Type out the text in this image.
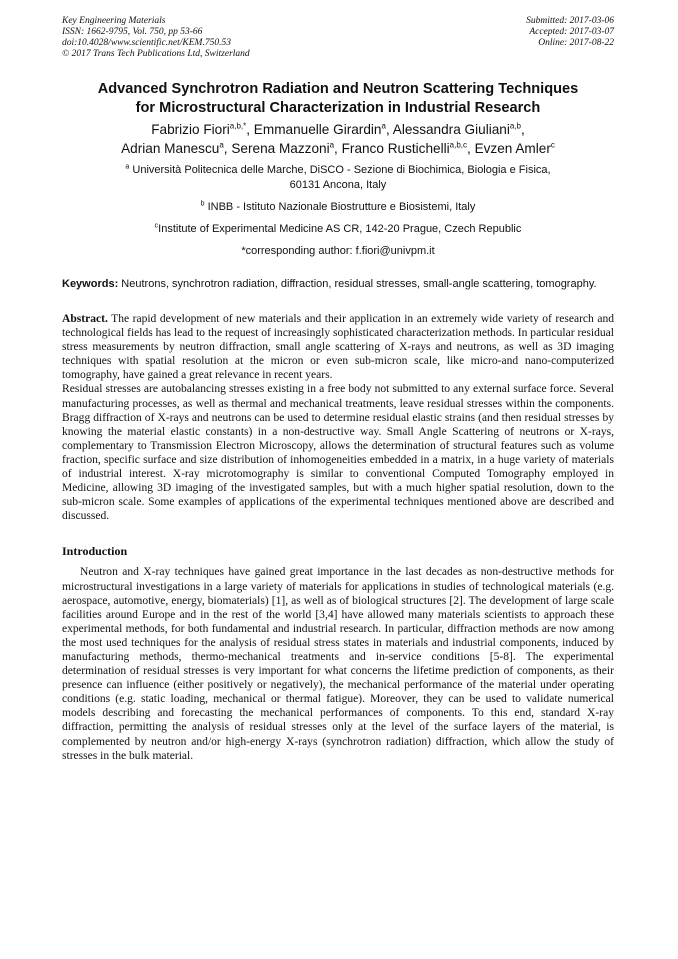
Key Engineering Materials
ISSN: 1662-9795, Vol. 750, pp 53-66
doi:10.4028/www.scientific.net/KEM.750.53
© 2017 Trans Tech Publications Ltd, Switzerland
Submitted: 2017-03-06
Accepted: 2017-03-07
Online: 2017-08-22
Advanced Synchrotron Radiation and Neutron Scattering Techniques
for Microstructural Characterization in Industrial Research
Fabrizio Fiori$^{a,b,*}$, Emmanuelle Girardin$^a$, Alessandra Giuliani$^{a,b}$,
Adrian Manescu$^a$, Serena Mazzoni$^a$, Franco Rustichelli$^{a,b,c}$, Evzen Amler$^c$
$^a$ Università Politecnica delle Marche, DiSCO - Sezione di Biochimica, Biologia e Fisica,
60131 Ancona, Italy
$^b$ INBB - Istituto Nazionale Biostrutture e Biosistemi, Italy
$^c$Institute of Experimental Medicine AS CR, 142-20 Prague, Czech Republic
*corresponding author: f.fiori@univpm.it
Keywords: Neutrons, synchrotron radiation, diffraction, residual stresses, small-angle scattering, tomography.

Abstract. The rapid development of new materials and their application in an extremely wide variety of research and technological fields has lead to the request of increasingly sophisticated characterization methods. In particular residual stress measurements by neutron diffraction, small angle scattering of X-rays and neutrons, as well as 3D imaging techniques with spatial resolution at the micron or even sub-micron scale, like micro-and nano-computerized tomography, have gained a great relevance in recent years.

Residual stresses are autobalancing stresses existing in a free body not submitted to any external surface force. Several manufacturing processes, as well as thermal and mechanical treatments, leave residual stresses within the components. Bragg diffraction of X-rays and neutrons can be used to determine residual elastic strains (and then residual stresses by knowing the material elastic constants) in a non-destructive way. Small Angle Scattering of neutrons or X-rays, complementary to Transmission Electron Microscopy, allows the determination of structural features such as volume fraction, specific surface and size distribution of inhomogeneities embedded in a matrix, in a huge variety of materials of industrial interest. X-ray microtomography is similar to conventional Computed Tomography employed in Medicine, allowing 3D imaging of the investigated samples, but with a much higher spatial resolution, down to the sub-micron scale. Some examples of applications of the experimental techniques mentioned above are described and discussed.

Introduction

Neutron and X-ray techniques have gained great importance in the last decades as non-destructive methods for microstructural investigations in a large variety of materials for applications in studies of technological materials (e.g. aerospace, automotive, energy, biomaterials) [1], as well as of biological structures [2]. The development of large scale facilities around Europe and in the rest of the world [3,4] have allowed many materials scientists to approach these experimental methods, for both fundamental and industrial research. In particular, diffraction methods are now among the most used techniques for the analysis of residual stress states in materials and industrial components, induced by manufacturing methods, thermo-mechanical treatments and in-service conditions [5-8]. The experimental determination of residual stresses is very important for what concerns the lifetime prediction of components, as their presence can influence (either positively or negatively), the mechanical performance of the material under operating conditions (e.g. static loading, mechanical or thermal fatigue). Moreover, they can be used to validate numerical models describing and forecasting the mechanical performances of components. To this end, standard X-ray diffraction, permitting the analysis of residual stresses only at the level of the surface layers of the material, is complemented by neutron and/or high-energy X-rays (synchrotron radiation) diffraction, which allow the study of stresses in the bulk material.
